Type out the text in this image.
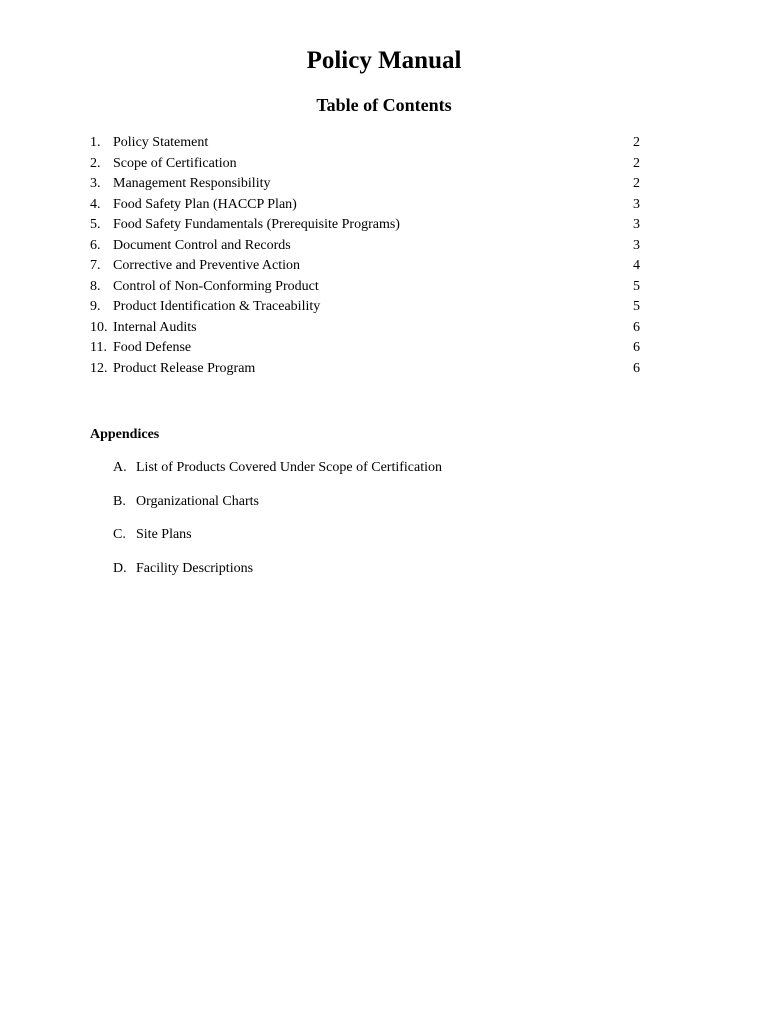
Policy Manual
Table of Contents
1. Policy Statement	2
2. Scope of Certification	2
3. Management Responsibility	2
4. Food Safety Plan (HACCP Plan)	3
5. Food Safety Fundamentals (Prerequisite Programs)	3
6. Document Control and Records	3
7. Corrective and Preventive Action	4
8. Control of Non-Conforming Product	5
9. Product Identification & Traceability	5
10. Internal Audits	6
11. Food Defense	6
12. Product Release Program	6
Appendices
A. List of Products Covered Under Scope of Certification
B. Organizational Charts
C. Site Plans
D. Facility Descriptions
